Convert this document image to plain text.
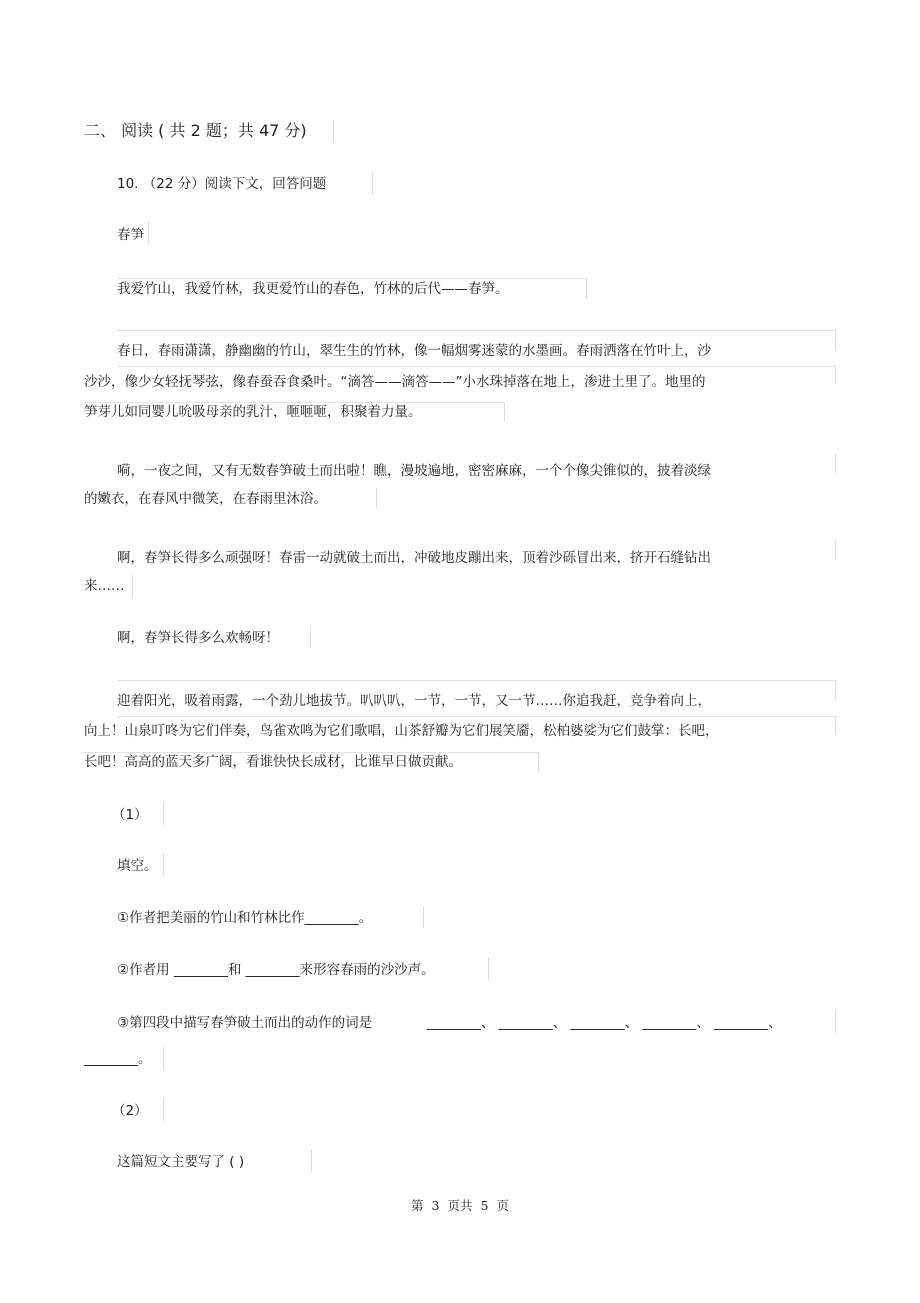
二、 阅读 ( 共 2 题；共 47 分)
10. （22 分）阅读下文，回答问题
春笋
我爱竹山，我爱竹林，我更爱竹山的春色，竹林的后代——春笋。
春日，春雨潇潇，静幽幽的竹山，翠生生的竹林，像一幅烟雾迷蒙的水墨画。春雨洒落在竹叶上，沙
沙沙，像少女轻抚琴弦，像春蚕吞食桑叶。“滴答——滴答——”小水珠掉落在地上，渗进土里了。地里的
笋芽儿如同婴儿吮吸母亲的乳汁，咂咂咂，积聚着力量。
嗬，一夜之间，又有无数春笋破土而出啦！瞧，漫坡遍地，密密麻麻，一个个像尖锥似的，披着淡绿
的嫩衣，在春风中微笑，在春雨里沐浴。
啊，春笋长得多么顽强呀！春雷一动就破土而出，冲破地皮蹦出来，顶着沙砾冒出来，挤开石缝钻出
来……
啊，春笋长得多么欢畅呀！
迎着阳光，吸着雨露，一个劲儿地拔节。叭叭叭，一节，一节，又一节……你追我赶，竞争着向上，
向上！山泉叮咚为它们伴奏，鸟雀欢鸣为它们歌唱，山茶舒瓣为它们展笑靥，松柏婆娑为它们鼓掌：长吧，
长吧！高高的蓝天多广阔，看谁快快长成材，比谁早日做贡献。
（1）
填空。
①作者把美丽的竹山和竹林比作________。
②作者用 ________和 ________来形容春雨的沙沙声。
③第四段中描写春笋破土而出的动作的词是	________、 ________、 ________、 ________、 ________、
________。
（2）
这篇短文主要写了 ( )
第 3 页共 5 页
